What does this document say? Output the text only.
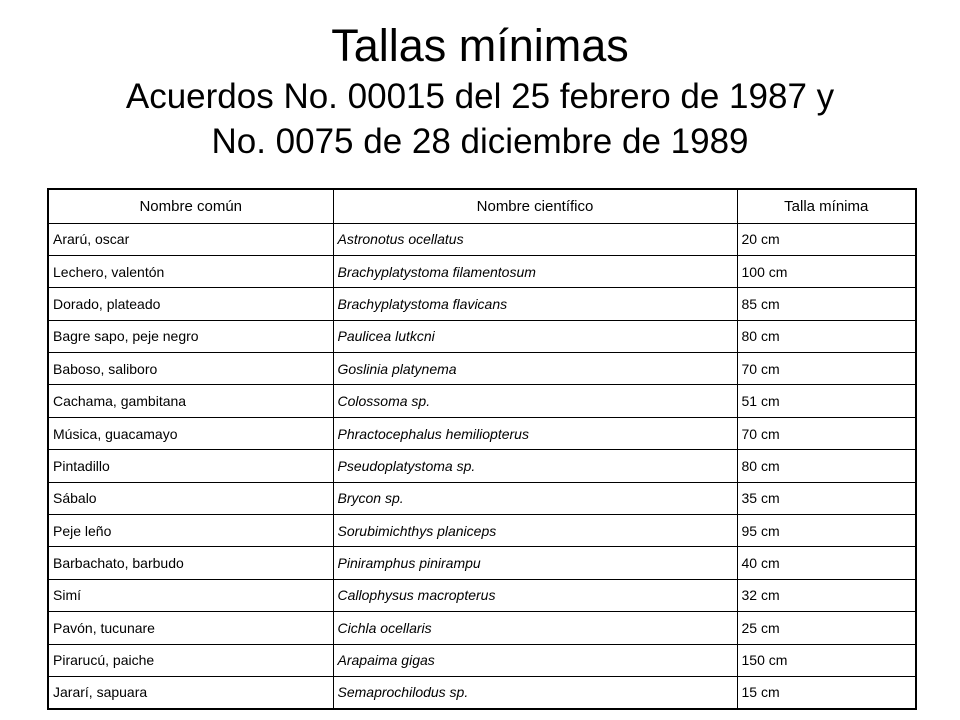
Tallas mínimas
Acuerdos No. 00015 del 25 febrero de 1987 y
No. 0075 de 28 diciembre de 1989
Nombre común	Nombre científico	Talla mínima
Ararú, oscar	Astronotus ocellatus	20 cm
Lechero, valentón	Brachyplatystoma filamentosum	100 cm
Dorado, plateado	Brachyplatystoma flavicans	85 cm
Bagre sapo, peje negro	Paulicea lutkcni	80 cm
Baboso, saliboro	Goslinia platynema	70 cm
Cachama, gambitana	Colossoma sp.	51 cm
Música, guacamayo	Phractocephalus hemiliopterus	70 cm
Pintadillo	Pseudoplatystoma sp.	80 cm
Sábalo	Brycon sp.	35 cm
Peje leño	Sorubimichthys planiceps	95 cm
Barbachato, barbudo	Piniramphus pinirampu	40 cm
Simí	Callophysus macropterus	32 cm
Pavón, tucunare	Cichla ocellaris	25 cm
Pirarucú, paiche	Arapaima gigas	150 cm
Jararí, sapuara	Semaprochilodus sp.	15 cm
